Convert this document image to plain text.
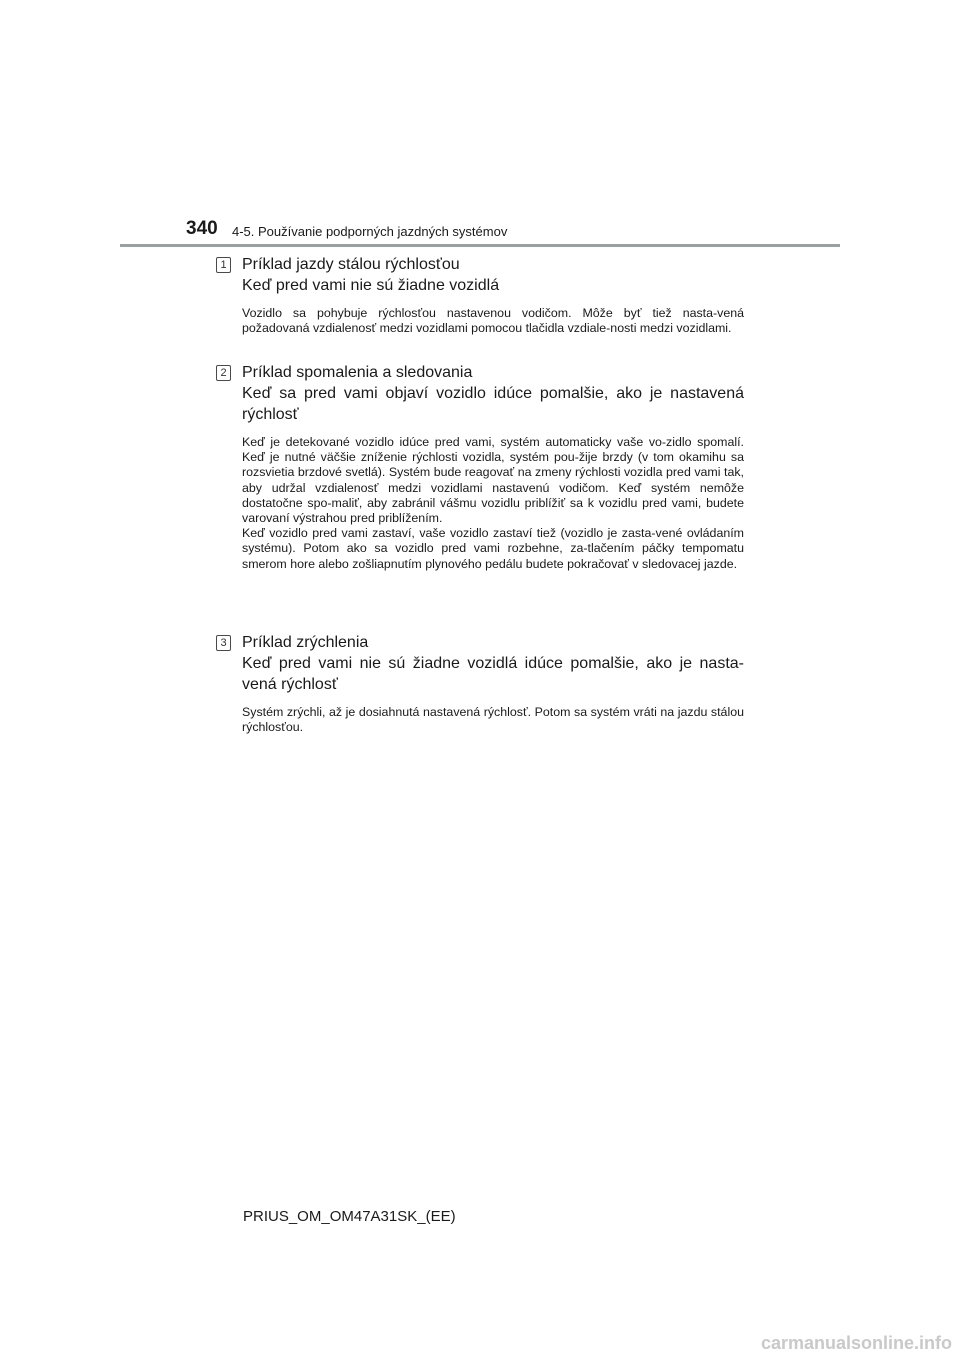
340 4-5. Používanie podporných jazdných systémov
1 Príklad jazdy stálou rýchlosťou
Keď pred vami nie sú žiadne vozidlá

Vozidlo sa pohybuje rýchlosťou nastavenou vodičom. Môže byť tiež nasta-vená požadovaná vzdialenosť medzi vozidlami pomocou tlačidla vzdiale-nosti medzi vozidlami.

2 Príklad spomalenia a sledovania
Keď sa pred vami objaví vozidlo idúce pomalšie, ako je nastavená rýchlosť

Keď je detekované vozidlo idúce pred vami, systém automaticky vaše vo-zidlo spomalí. Keď je nutné väčšie zníženie rýchlosti vozidla, systém pou-žije brzdy (v tom okamihu sa rozsvietia brzdové svetlá). Systém bude reagovať na zmeny rýchlosti vozidla pred vami tak, aby udržal vzdialenosť medzi vozidlami nastavenú vodičom. Keď systém nemôže dostatočne spo-maliť, aby zabránil vášmu vozidlu priblížiť sa k vozidlu pred vami, budete varovaní výstrahou pred priblížením.
Keď vozidlo pred vami zastaví, vaše vozidlo zastaví tiež (vozidlo je zasta-vené ovládaním systému). Potom ako sa vozidlo pred vami rozbehne, za-tlačením páčky tempomatu smerom hore alebo zošliapnutím plynového pedálu budete pokračovať v sledovacej jazde.

3 Príklad zrýchlenia
Keď pred vami nie sú žiadne vozidlá idúce pomalšie, ako je nasta-vená rýchlosť

Systém zrýchli, až je dosiahnutá nastavená rýchlosť. Potom sa systém vráti na jazdu stálou rýchlosťou.

PRIUS_OM_OM47A31SK_(EE)
carmanualsonline.info
